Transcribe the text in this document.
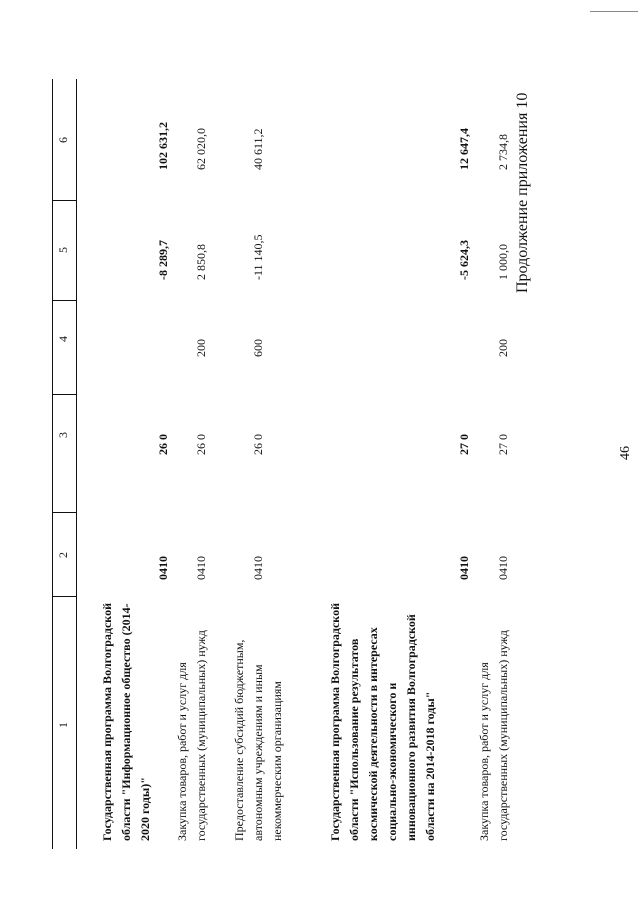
46
Продолжение приложения 10
1
2
3
4
5
6
Государственная программа Волгоградской области "Информационное общество (2014-2020 годы)"
0410
26 0
-8 289,7
102 631,2
Закупка товаров, работ и услуг для государственных (муниципальных) нужд
0410
26 0
200
2 850,8
62 020,0
Предоставление субсидий бюджетным, автономным учреждениям и иным некоммерческим организациям
0410
26 0
600
-11 140,5
40 611,2
Государственная программа Волгоградской области "Использование результатов космической деятельности в интересах социально-экономического и инновационного развития Волгоградской области на 2014-2018 годы"
0410
27 0
-5 624,3
12 647,4
Закупка товаров, работ и услуг для государственных (муниципальных) нужд
0410
27 0
200
1 000,0
2 734,8
